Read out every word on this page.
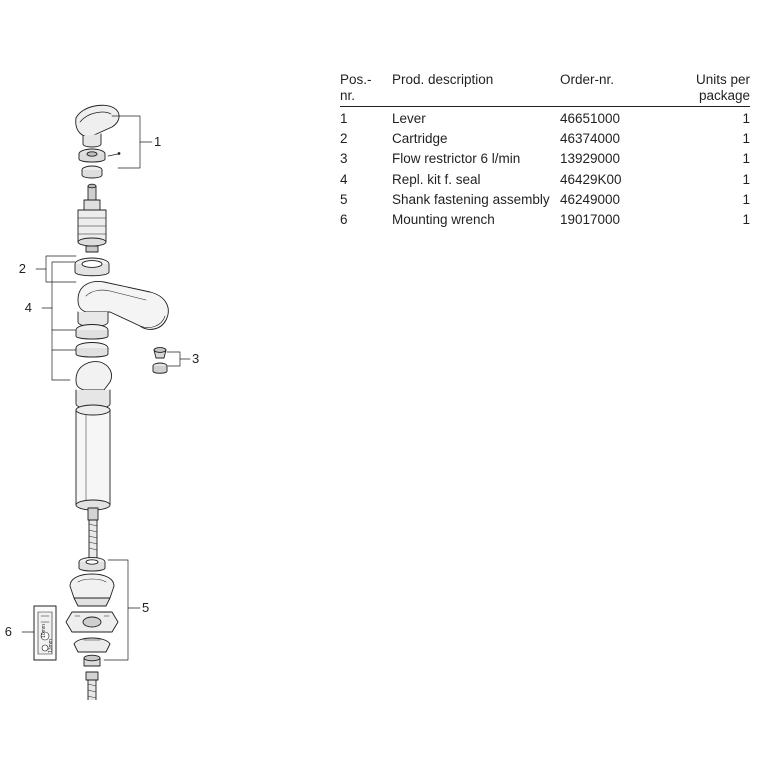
Pos.-
nr.	Prod. description	Order-nr.	Units per
package
1	Lever	46651000	1
2	Cartridge	46374000	1
3	Flow restrictor 6 l/min	13929000	1
4	Repl. kit f. seal	46429K00	1
5	Shank fastening assembly	46249000	1
6	Mounting wrench	19017000	1
1
2
3
4
5
6	10mm
13mm
